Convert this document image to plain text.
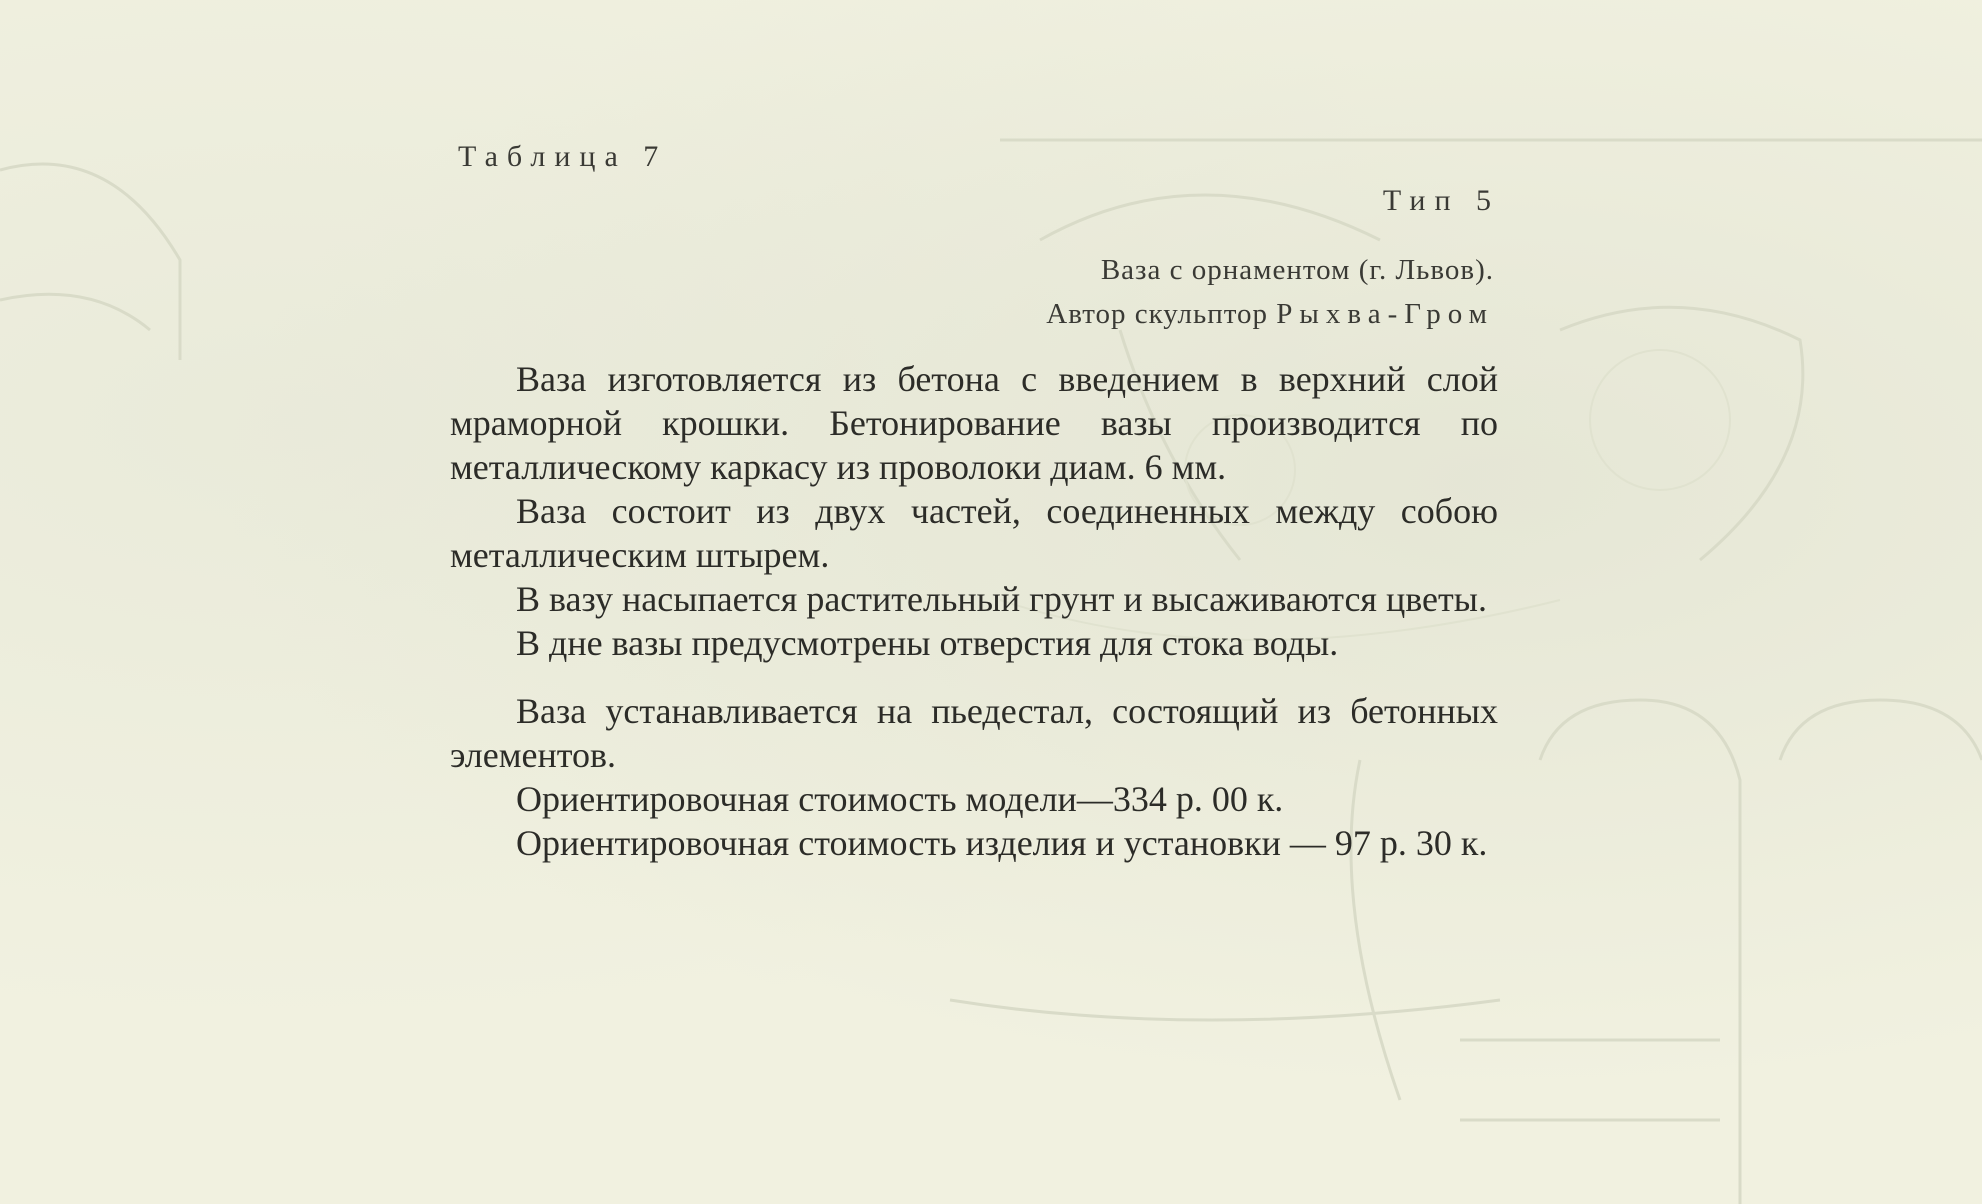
Таблица 7
Тип 5
Ваза с орнаментом (г. Львов).
Автор скульптор Рыхва-Гром

Ваза изготовляется из бетона с введением в верхний слой мраморной крошки. Бетонирование вазы производится по металлическому каркасу из проволоки диам. 6 мм.

Ваза состоит из двух частей, соединенных между собою металлическим штырем.

В вазу насыпается растительный грунт и высаживаются цветы.

В дне вазы предусмотрены отверстия для стока воды.

Ваза устанавливается на пьедестал, состоящий из бетонных элементов.

Ориентировочная стоимость модели—334 р. 00 к.

Ориентировочная стоимость изделия и установки — 97 р. 30 к.
